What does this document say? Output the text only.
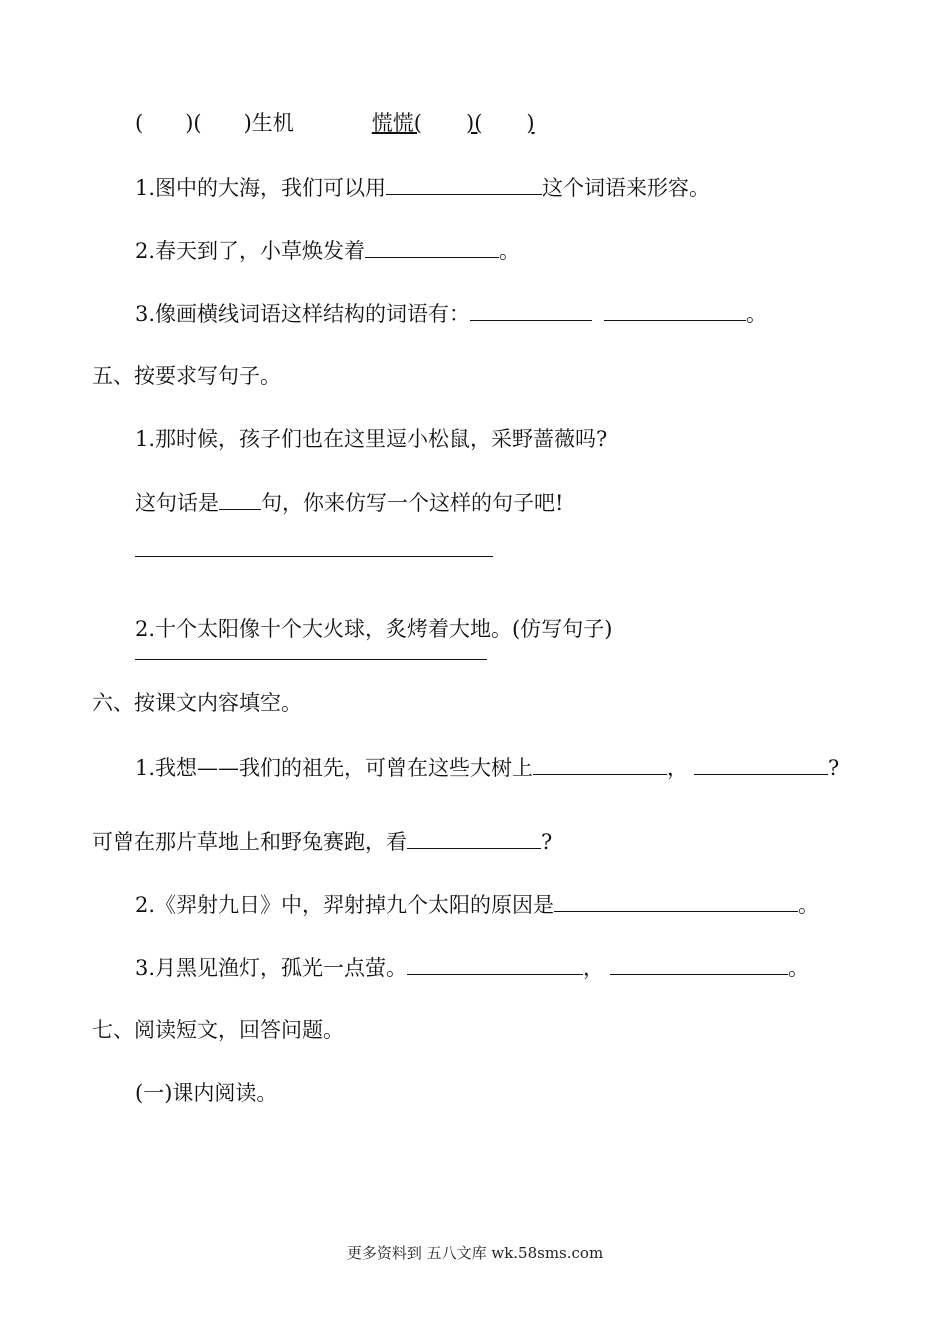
( )( )生机	慌慌( )( )
1.图中的大海，我们可以用	这个词语来形容。
2.春天到了，小草焕发着	。
3.像画横线词语这样结构的词语有：	。
五、按要求写句子。
1.那时候，孩子们也在这里逗小松鼠，采野蔷薇吗?
这句话是 句，你来仿写一个这样的句子吧!
2.十个太阳像十个大火球，炙烤着大地。(仿写句子)
六、按课文内容填空。
1.我想——我们的祖先，可曾在这些大树上	，	?
可曾在那片草地上和野兔赛跑，看	?
2.《羿射九日》中，羿射掉九个太阳的原因是	。
3.月黑见渔灯，孤光一点萤。	，	。
七、阅读短文，回答问题。
(一)课内阅读。
更多资料到 五八文库 wk.58sms.com
